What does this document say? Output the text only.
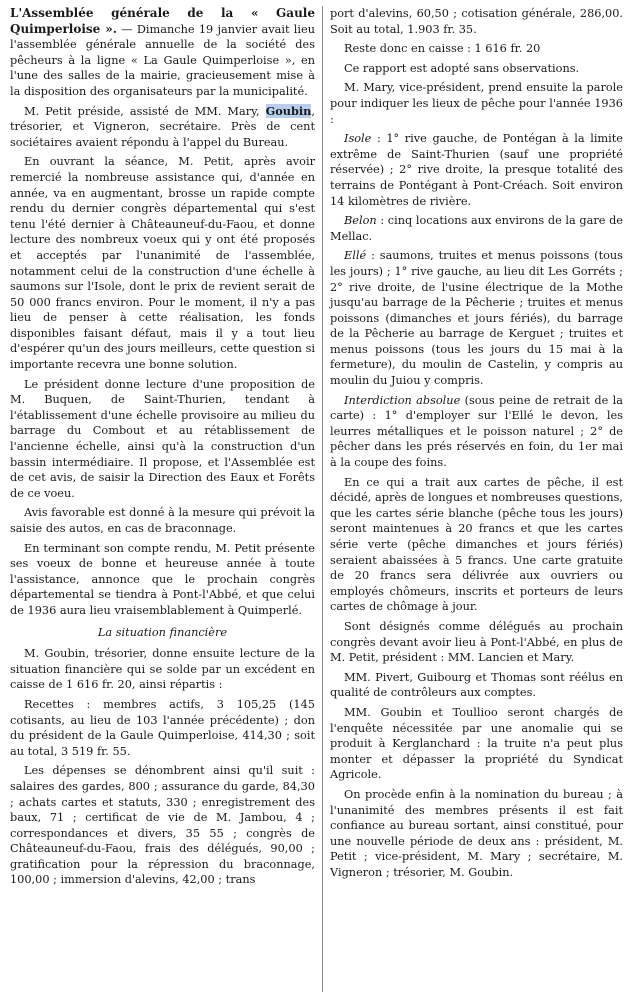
L'Assemblée générale de la « Gaule Quimperloise ». — Dimanche 19 janvier avait lieu l'assemblée générale annuelle de la société des pêcheurs à la ligne « La Gaule Quimperloise », en l'une des salles de la mairie, gracieusement mise à la disposition des organisateurs par la municipalité.

M. Petit préside, assisté de MM. Mary, Goubin, trésorier, et Vigneron, secrétaire. Près de cent sociétaires avaient répondu à l'appel du Bureau.

En ouvrant la séance, M. Petit, après avoir remercié la nombreuse assistance qui, d'année en année, va en augmentant, brosse un rapide compte rendu du dernier congrès départemental qui s'est tenu l'été dernier à Châteauneuf-du-Faou, et donne lecture des nombreux voeux qui y ont été proposés et acceptés par l'unanimité de l'assemblée, notamment celui de la construction d'une échelle à saumons sur l'Isole, dont le prix de revient serait de 50 000 francs environ. Pour le moment, il n'y a pas lieu de penser à cette réalisation, les fonds disponibles faisant défaut, mais il y a tout lieu d'espérer qu'un des jours meilleurs, cette question si importante recevra une bonne solution.

Le président donne lecture d'une proposition de M. Buquen, de Saint-Thurien, tendant à l'établissement d'une échelle provisoire au milieu du barrage du Combout et au rétablissement de l'ancienne échelle, ainsi qu'à la construction d'un bassin intermédiaire. Il propose, et l'Assemblée est de cet avis, de saisir la Direction des Eaux et Forêts de ce voeu.

Avis favorable est donné à la mesure qui prévoit la saisie des autos, en cas de braconnage.

En terminant son compte rendu, M. Petit présente ses voeux de bonne et heureuse année à toute l'assistance, annonce que le prochain congrès départemental se tiendra à Pont-l'Abbé, et que celui de 1936 aura lieu vraisemblablement à Quimperlé.

La situation financière

M. Goubin, trésorier, donne ensuite lecture de la situation financière qui se solde par un excédent en caisse de 1 616 fr. 20, ainsi répartis :

Recettes : membres actifs, 3 105,25 (145 cotisants, au lieu de 103 l'année précédente) ; don du président de la Gaule Quimperloise, 414,30 ; soit au total, 3 519 fr. 55.

Les dépenses se dénombrent ainsi qu'il suit : salaires des gardes, 800 ; assurance du garde, 84,30 ; achats cartes et statuts, 330 ; enregistrement des baux, 71 ; certificat de vie de M. Jambou, 4 ; correspondances et divers, 35 55 ; congrès de Châteauneuf-du-Faou, frais des délégués, 90,00 ; gratification pour la répression du braconnage, 100,00 ; immersion d'alevins, 42,00 ; trans

port d'alevins, 60,50 ; cotisation générale, 286,00. Soit au total, 1.903 fr. 35.

Reste donc en caisse : 1 616 fr. 20

Ce rapport est adopté sans observations.

M. Mary, vice-président, prend ensuite la parole pour indiquer les lieux de pêche pour l'année 1936 :

Isole : 1° rive gauche, de Pontégan à la limite extrême de Saint-Thurien (sauf une propriété réservée) ; 2° rive droite, la presque totalité des terrains de Pontégant à Pont-Créach. Soit environ 14 kilomètres de rivière.

Belon : cinq locations aux environs de la gare de Mellac.

Ellé : saumons, truites et menus poissons (tous les jours) ; 1° rive gauche, au lieu dit Les Gorréts ; 2° rive droite, de l'usine électrique de la Mothe jusqu'au barrage de la Pêcherie ; truites et menus poissons (dimanches et jours fériés), du barrage de la Pêcherie au barrage de Kerguet ; truites et menus poissons (tous les jours du 15 mai à la fermeture), du moulin de Castelin, y compris au moulin du Juiou y compris.

Interdiction absolue (sous peine de retrait de la carte) : 1° d'employer sur l'Ellé le devon, les leurres métalliques et le poisson naturel ; 2° de pêcher dans les prés réservés en foin, du 1er mai à la coupe des foins.

En ce qui a trait aux cartes de pêche, il est décidé, après de longues et nombreuses questions, que les cartes série blanche (pêche tous les jours) seront maintenues à 20 francs et que les cartes série verte (pêche dimanches et jours fériés) seraient abaissées à 5 francs. Une carte gratuite de 20 francs sera délivrée aux ouvriers ou employés chômeurs, inscrits et porteurs de leurs cartes de chômage à jour.

Sont désignés comme délégués au prochain congrès devant avoir lieu à Pont-l'Abbé, en plus de M. Petit, président : MM. Lancien et Mary.

MM. Pivert, Guibourg et Thomas sont réélus en qualité de contrôleurs aux comptes.

MM. Goubin et Toullioo seront chargés de l'enquête nécessitée par une anomalie qui se produit à Kerglanchard : la truite n'a peut plus monter et dépasser la propriété du Syndicat Agricole.

On procède enfin à la nomination du bureau ; à l'unanimité des membres présents il est fait confiance au bureau sortant, ainsi constitué, pour une nouvelle période de deux ans : président, M. Petit ; vice-président, M. Mary ; secrétaire, M. Vigneron ; trésorier, M. Goubin.
